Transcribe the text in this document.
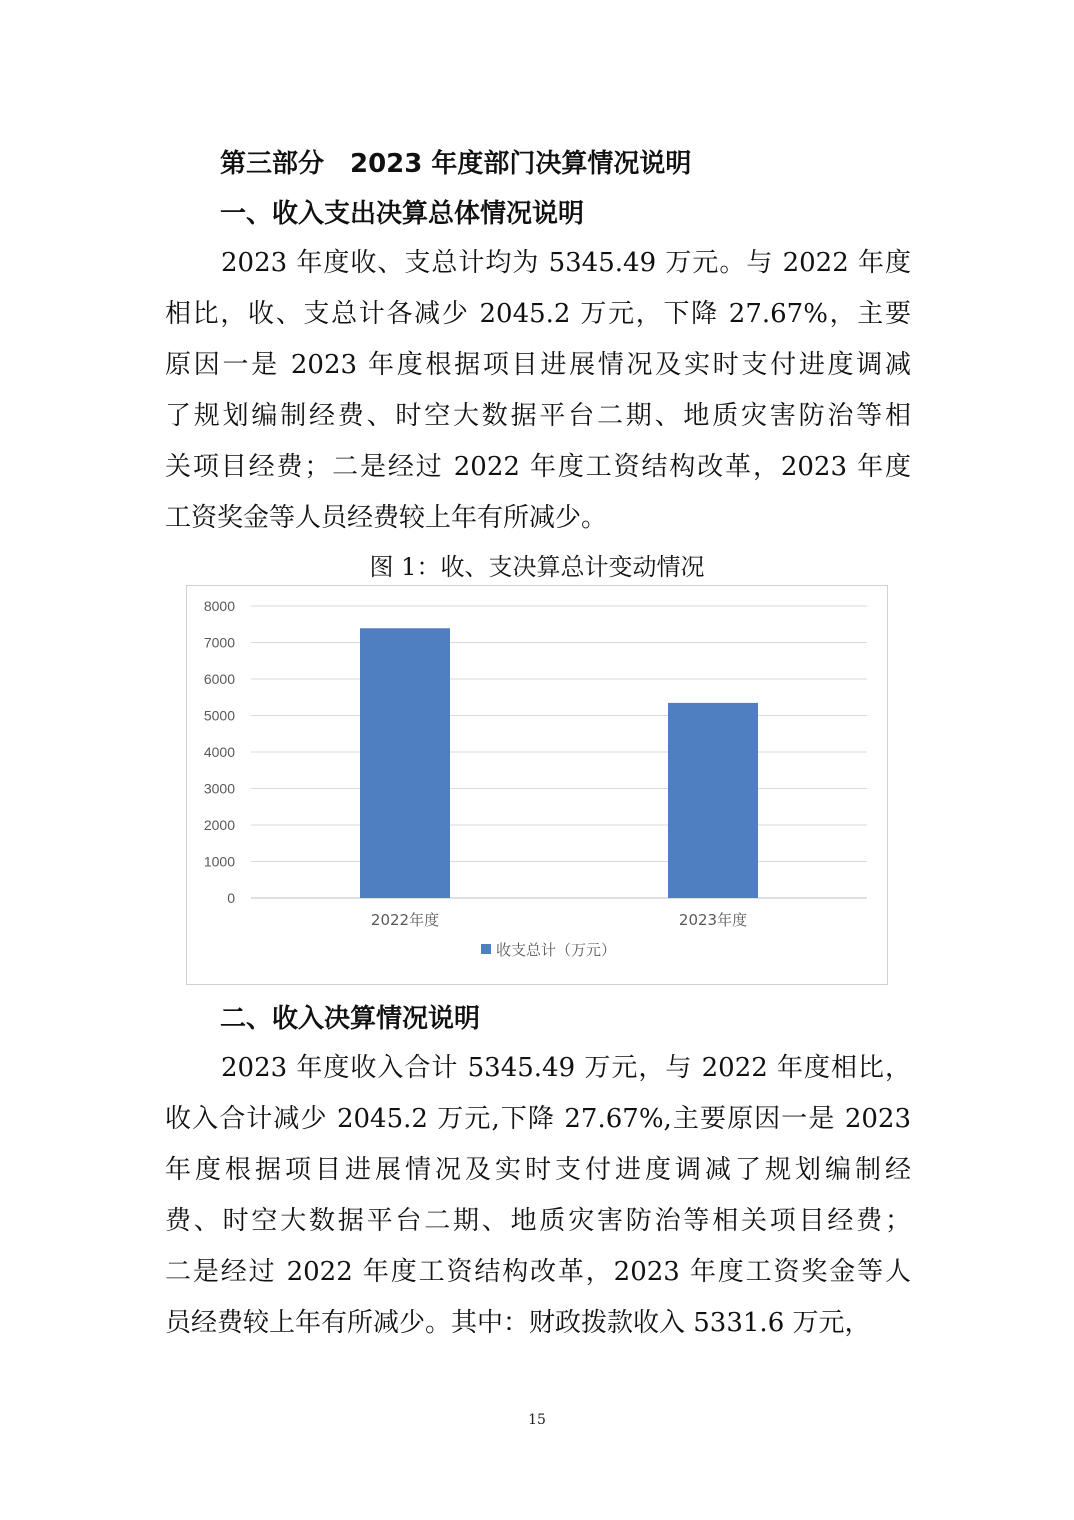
第三部分　2023 年度部门决算情况说明
一、收入支出决算总体情况说明
2023 年度收、支总计均为 5345.49 万元。与 2022 年度
相比，收、支总计各减少 2045.2 万元，下降 27.67%，主要
原因一是 2023 年度根据项目进展情况及实时支付进度调减
了规划编制经费、时空大数据平台二期、地质灾害防治等相
关项目经费；二是经过 2022 年度工资结构改革，2023 年度
工资奖金等人员经费较上年有所减少。
图 1：收、支决算总计变动情况
0
1000
2000
3000
4000
5000
6000
7000
8000
2022年度	2023年度
收支总计（万元）
二、收入决算情况说明
2023 年度收入合计 5345.49 万元，与 2022 年度相比，
收入合计减少 2045.2 万元,下降 27.67%,主要原因一是 2023
年度根据项目进展情况及实时支付进度调减了规划编制经
费、时空大数据平台二期、地质灾害防治等相关项目经费；
二是经过 2022 年度工资结构改革，2023 年度工资奖金等人
员经费较上年有所减少。其中：财政拨款收入 5331.6 万元，
15
